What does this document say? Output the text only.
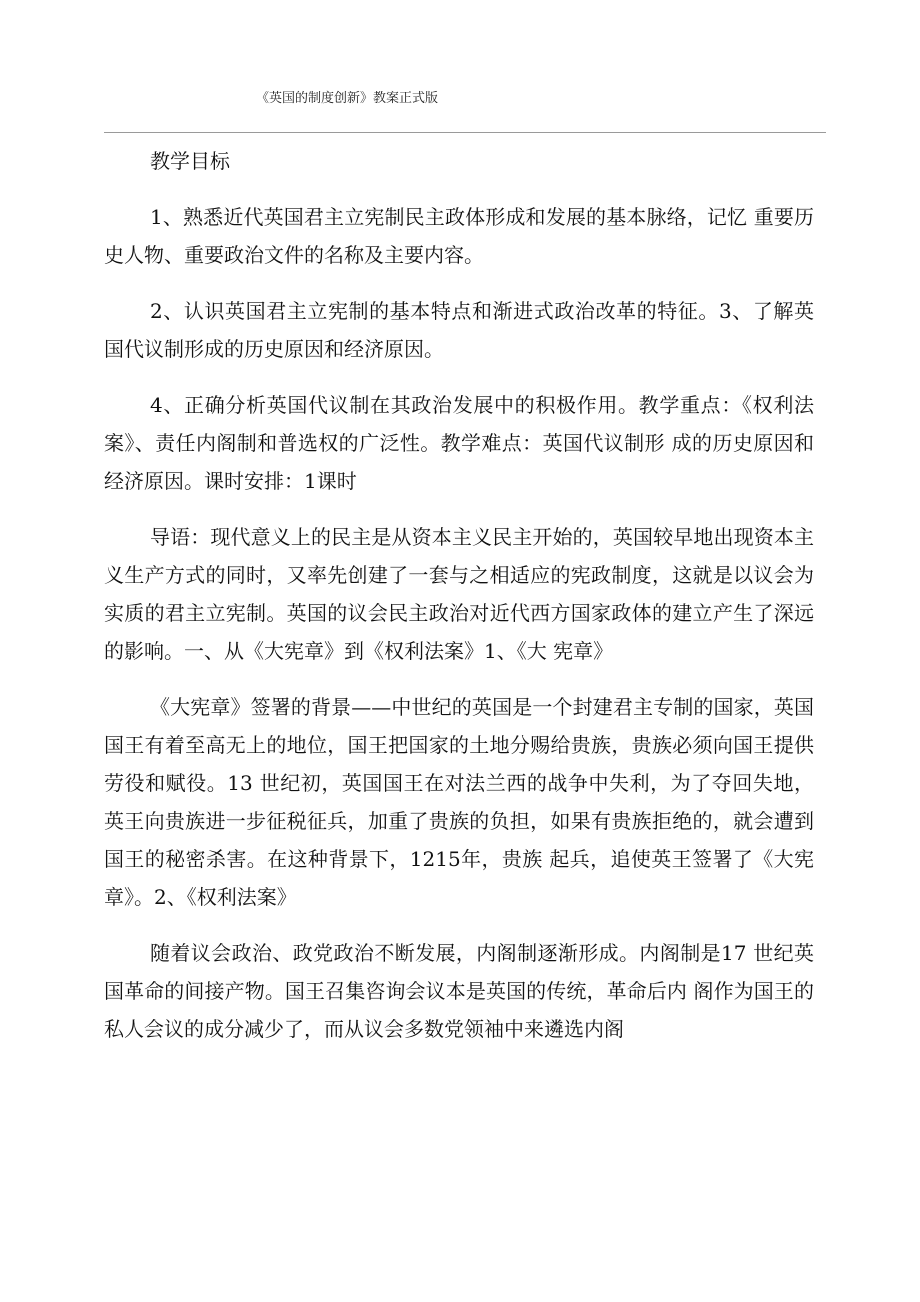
《英国的制度创新》教案正式版
教学目标

1、熟悉近代英国君主立宪制民主政体形成和发展的基本脉络，记忆 重要历史人物、重要政治文件的名称及主要内容。

2、认识英国君主立宪制的基本特点和渐进式政治改革的特征。3、了解英国代议制形成的历史原因和经济原因。

4、正确分析英国代议制在其政治发展中的积极作用。教学重点：《权利法案》、责任内阁制和普选权的广泛性。教学难点：英国代议制形 成的历史原因和经济原因。课时安排：1课时

导语：现代意义上的民主是从资本主义民主开始的，英国较早地出现资本主义生产方式的同时，又率先创建了一套与之相适应的宪政制度，这就是以议会为实质的君主立宪制。英国的议会民主政治对近代西方国家政体的建立产生了深远的影响。一、从《大宪章》到《权利法案》1、《大 宪章》

《大宪章》签署的背景——中世纪的英国是一个封建君主专制的国家，英国国王有着至高无上的地位，国王把国家的土地分赐给贵族，贵族必须向国王提供劳役和赋役。13 世纪初，英国国王在对法兰西的战争中失利，为了夺回失地，英王向贵族进一步征税征兵，加重了贵族的负担，如果有贵族拒绝的，就会遭到国王的秘密杀害。在这种背景下，1215年，贵族 起兵，追使英王签署了《大宪章》。2、《权利法案》

随着议会政治、政党政治不断发展，内阁制逐渐形成。内阁制是17 世纪英国革命的间接产物。国王召集咨询会议本是英国的传统，革命后内 阁作为国王的私人会议的成分减少了，而从议会多数党领袖中来遴选内阁
